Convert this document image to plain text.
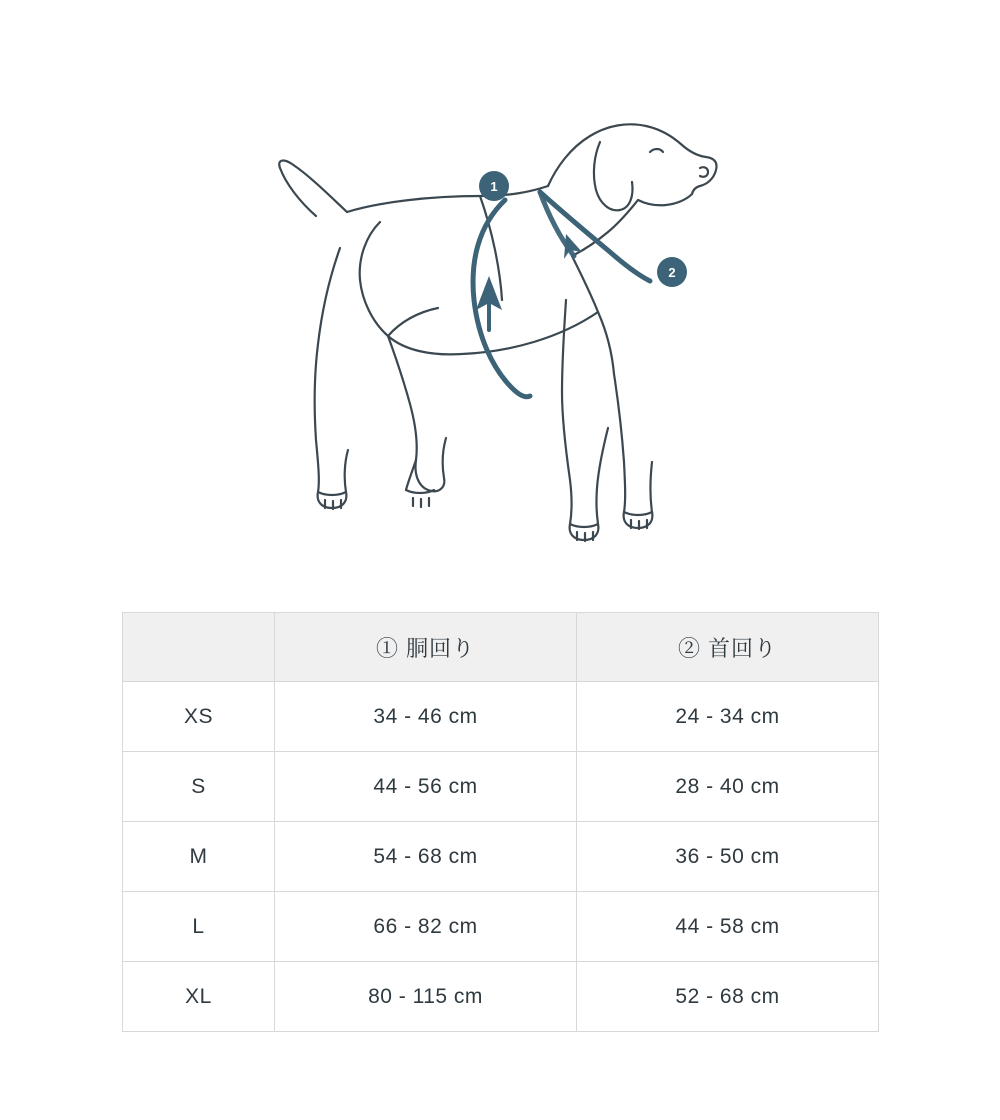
1
2
	① 胴回り	② 首回り
XS	34 - 46 cm	24 - 34 cm
S	44 - 56 cm	28 - 40 cm
M	54 - 68 cm	36 - 50 cm
L	66 - 82 cm	44 - 58 cm
XL	80 - 115 cm	52 - 68 cm
